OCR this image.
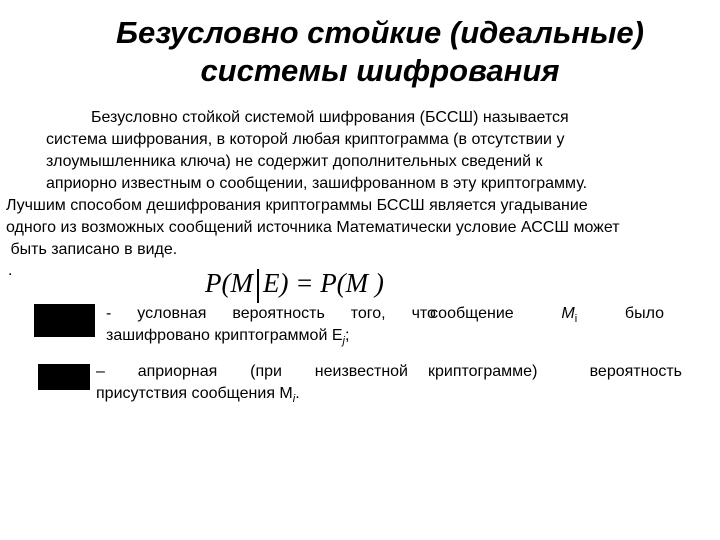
Безусловно стойкие (идеальные)
системы шифрования
Безусловно стойкой системой шифрования (БССШ) называется
система шифрования, в которой любая криптограмма (в отсутствии у
злоумышленника ключа) не содержит дополнительных сведений к
априорно известным о сообщении, зашифрованном в эту криптограмму.
Лучшим способом дешифрования криптограммы БССШ является угадывание
одного из возможных сообщений источника Математически условие АССШ может
быть записано в виде.
.	P(M E) = P(M )
- условная вероятность того, что
сообщение	$M_i$	было
зашифровано криптограммой $E_j$;
– априорная (при неизвестной криптограмме)	вероятность
присутствия сообщения $M_i$.
